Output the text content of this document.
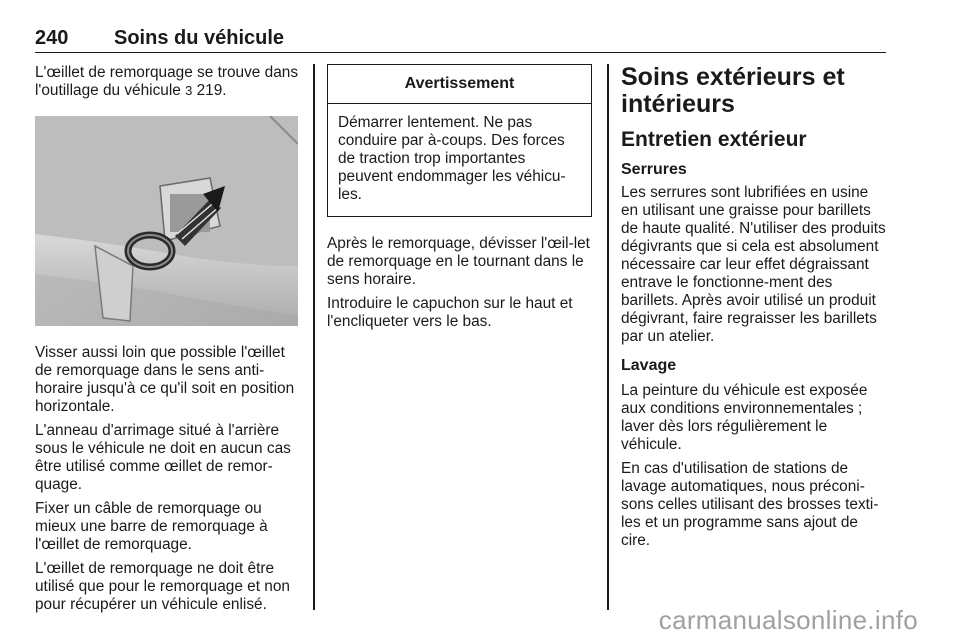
240 Soins du véhicule

L'œillet de remorquage se trouve dans l'outillage du véhicule 3 219.

Visser aussi loin que possible l'œillet de remorquage dans le sens anti-horaire jusqu'à ce qu'il soit en position horizontale.

L'anneau d'arrimage situé à l'arrière sous le véhicule ne doit en aucun cas être utilisé comme œillet de remor-quage.

Fixer un câble de remorquage ou mieux une barre de remorquage à l'œillet de remorquage.

L'œillet de remorquage ne doit être utilisé que pour le remorquage et non pour récupérer un véhicule enlisé.

Avertissement
Démarrer lentement. Ne pas conduire par à-coups. Des forces de traction trop importantes peuvent endommager les véhicu-les.

Après le remorquage, dévisser l'œil-let de remorquage en le tournant dans le sens horaire.

Introduire le capuchon sur le haut et l'encliqueter vers le bas.

Soins extérieurs et intérieurs
Entretien extérieur
Serrures

Les serrures sont lubrifiées en usine en utilisant une graisse pour barillets de haute qualité. N'utiliser des produits dégivrants que si cela est absolument nécessaire car leur effet dégraissant entrave le fonctionne-ment des barillets. Après avoir utilisé un produit dégivrant, faire regraisser les barillets par un atelier.

Lavage

La peinture du véhicule est exposée aux conditions environnementales ; laver dès lors régulièrement le véhicule.

En cas d'utilisation de stations de lavage automatiques, nous préconi-sons celles utilisant des brosses texti-les et un programme sans ajout de cire.

carmanualsonline.info
